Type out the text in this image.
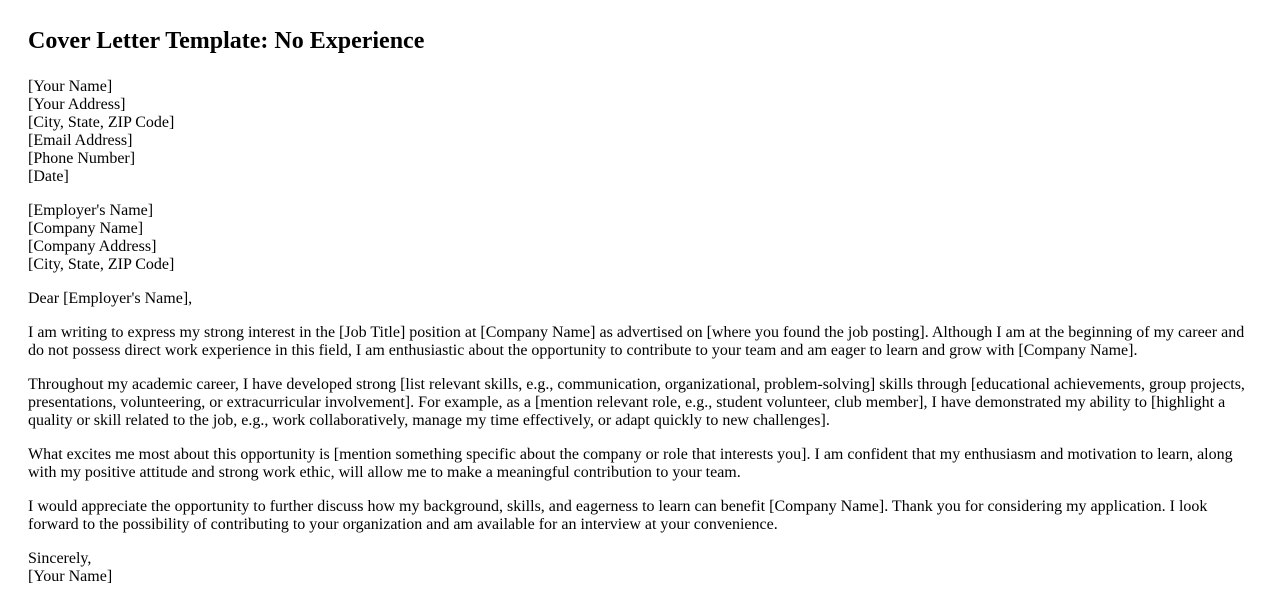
Cover Letter Template: No Experience

[Your Name]
[Your Address]
[City, State, ZIP Code]
[Email Address]
[Phone Number]
[Date]

[Employer's Name]
[Company Name]
[Company Address]
[City, State, ZIP Code]

Dear [Employer's Name],

I am writing to express my strong interest in the [Job Title] position at [Company Name] as advertised on [where you found the job posting]. Although I am at the beginning of my career and do not possess direct work experience in this field, I am enthusiastic about the opportunity to contribute to your team and am eager to learn and grow with [Company Name].

Throughout my academic career, I have developed strong [list relevant skills, e.g., communication, organizational, problem-solving] skills through [educational achievements, group projects, presentations, volunteering, or extracurricular involvement]. For example, as a [mention relevant role, e.g., student volunteer, club member], I have demonstrated my ability to [highlight a quality or skill related to the job, e.g., work collaboratively, manage my time effectively, or adapt quickly to new challenges].

What excites me most about this opportunity is [mention something specific about the company or role that interests you]. I am confident that my enthusiasm and motivation to learn, along with my positive attitude and strong work ethic, will allow me to make a meaningful contribution to your team.

I would appreciate the opportunity to further discuss how my background, skills, and eagerness to learn can benefit [Company Name]. Thank you for considering my application. I look forward to the possibility of contributing to your organization and am available for an interview at your convenience.

Sincerely,
[Your Name]
